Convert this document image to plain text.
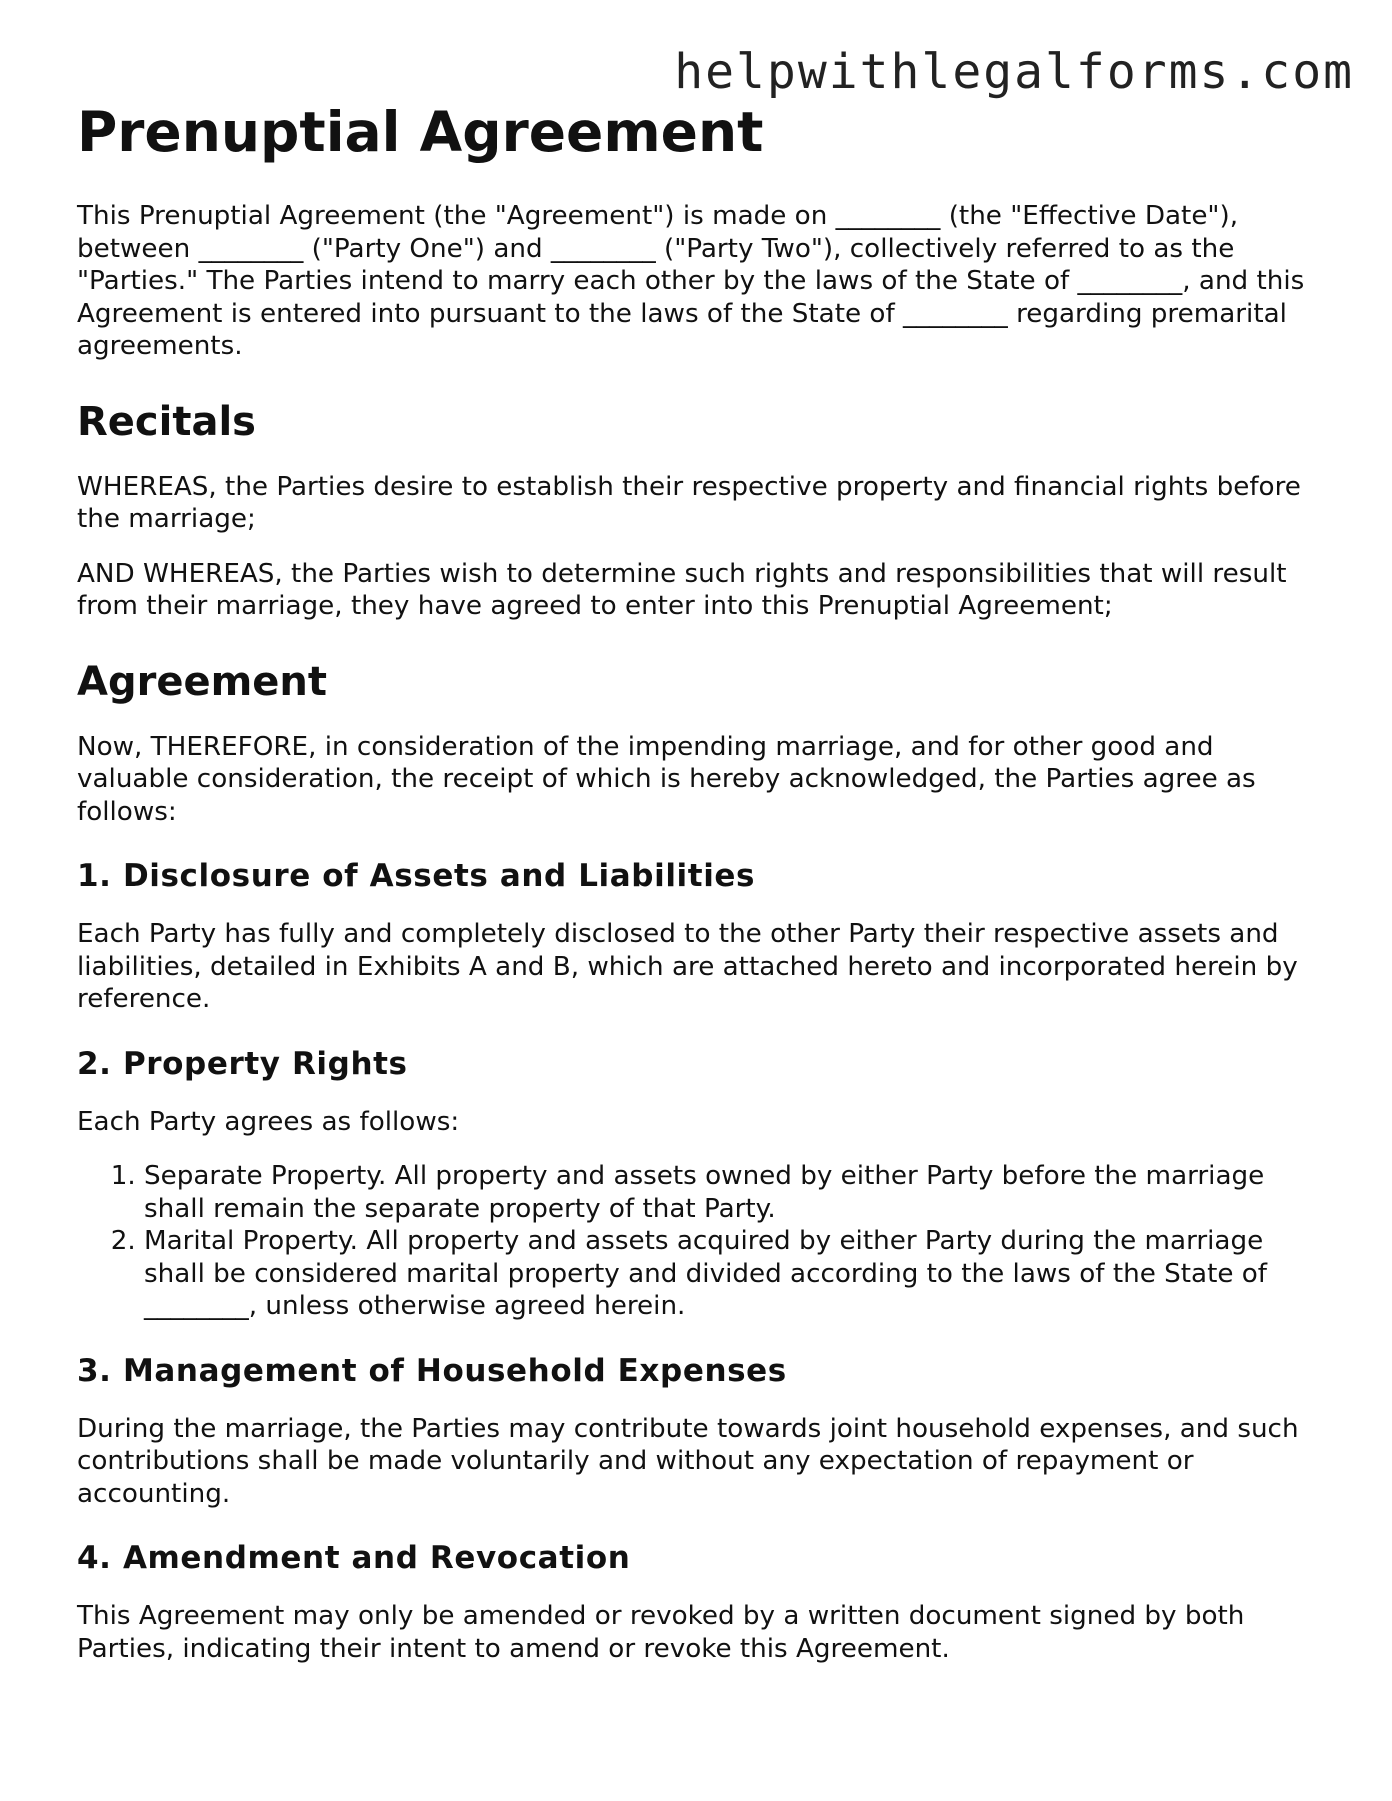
helpwithlegalforms.com
Prenuptial Agreement

This Prenuptial Agreement (the "Agreement") is made on ________ (the "Effective Date"), between ________ ("Party One") and ________ ("Party Two"), collectively referred to as the "Parties." The Parties intend to marry each other by the laws of the State of ________, and this Agreement is entered into pursuant to the laws of the State of ________ regarding premarital agreements.

Recitals

WHEREAS, the Parties desire to establish their respective property and financial rights before the marriage;

AND WHEREAS, the Parties wish to determine such rights and responsibilities that will result from their marriage, they have agreed to enter into this Prenuptial Agreement;

Agreement

Now, THEREFORE, in consideration of the impending marriage, and for other good and valuable consideration, the receipt of which is hereby acknowledged, the Parties agree as follows:

1. Disclosure of Assets and Liabilities

Each Party has fully and completely disclosed to the other Party their respective assets and liabilities, detailed in Exhibits A and B, which are attached hereto and incorporated herein by reference.

2. Property Rights

Each Party agrees as follows:

1. Separate Property. All property and assets owned by either Party before the marriage shall remain the separate property of that Party.
2. Marital Property. All property and assets acquired by either Party during the marriage shall be considered marital property and divided according to the laws of the State of ________, unless otherwise agreed herein.
3. Management of Household Expenses

During the marriage, the Parties may contribute towards joint household expenses, and such contributions shall be made voluntarily and without any expectation of repayment or accounting.

4. Amendment and Revocation

This Agreement may only be amended or revoked by a written document signed by both Parties, indicating their intent to amend or revoke this Agreement.
